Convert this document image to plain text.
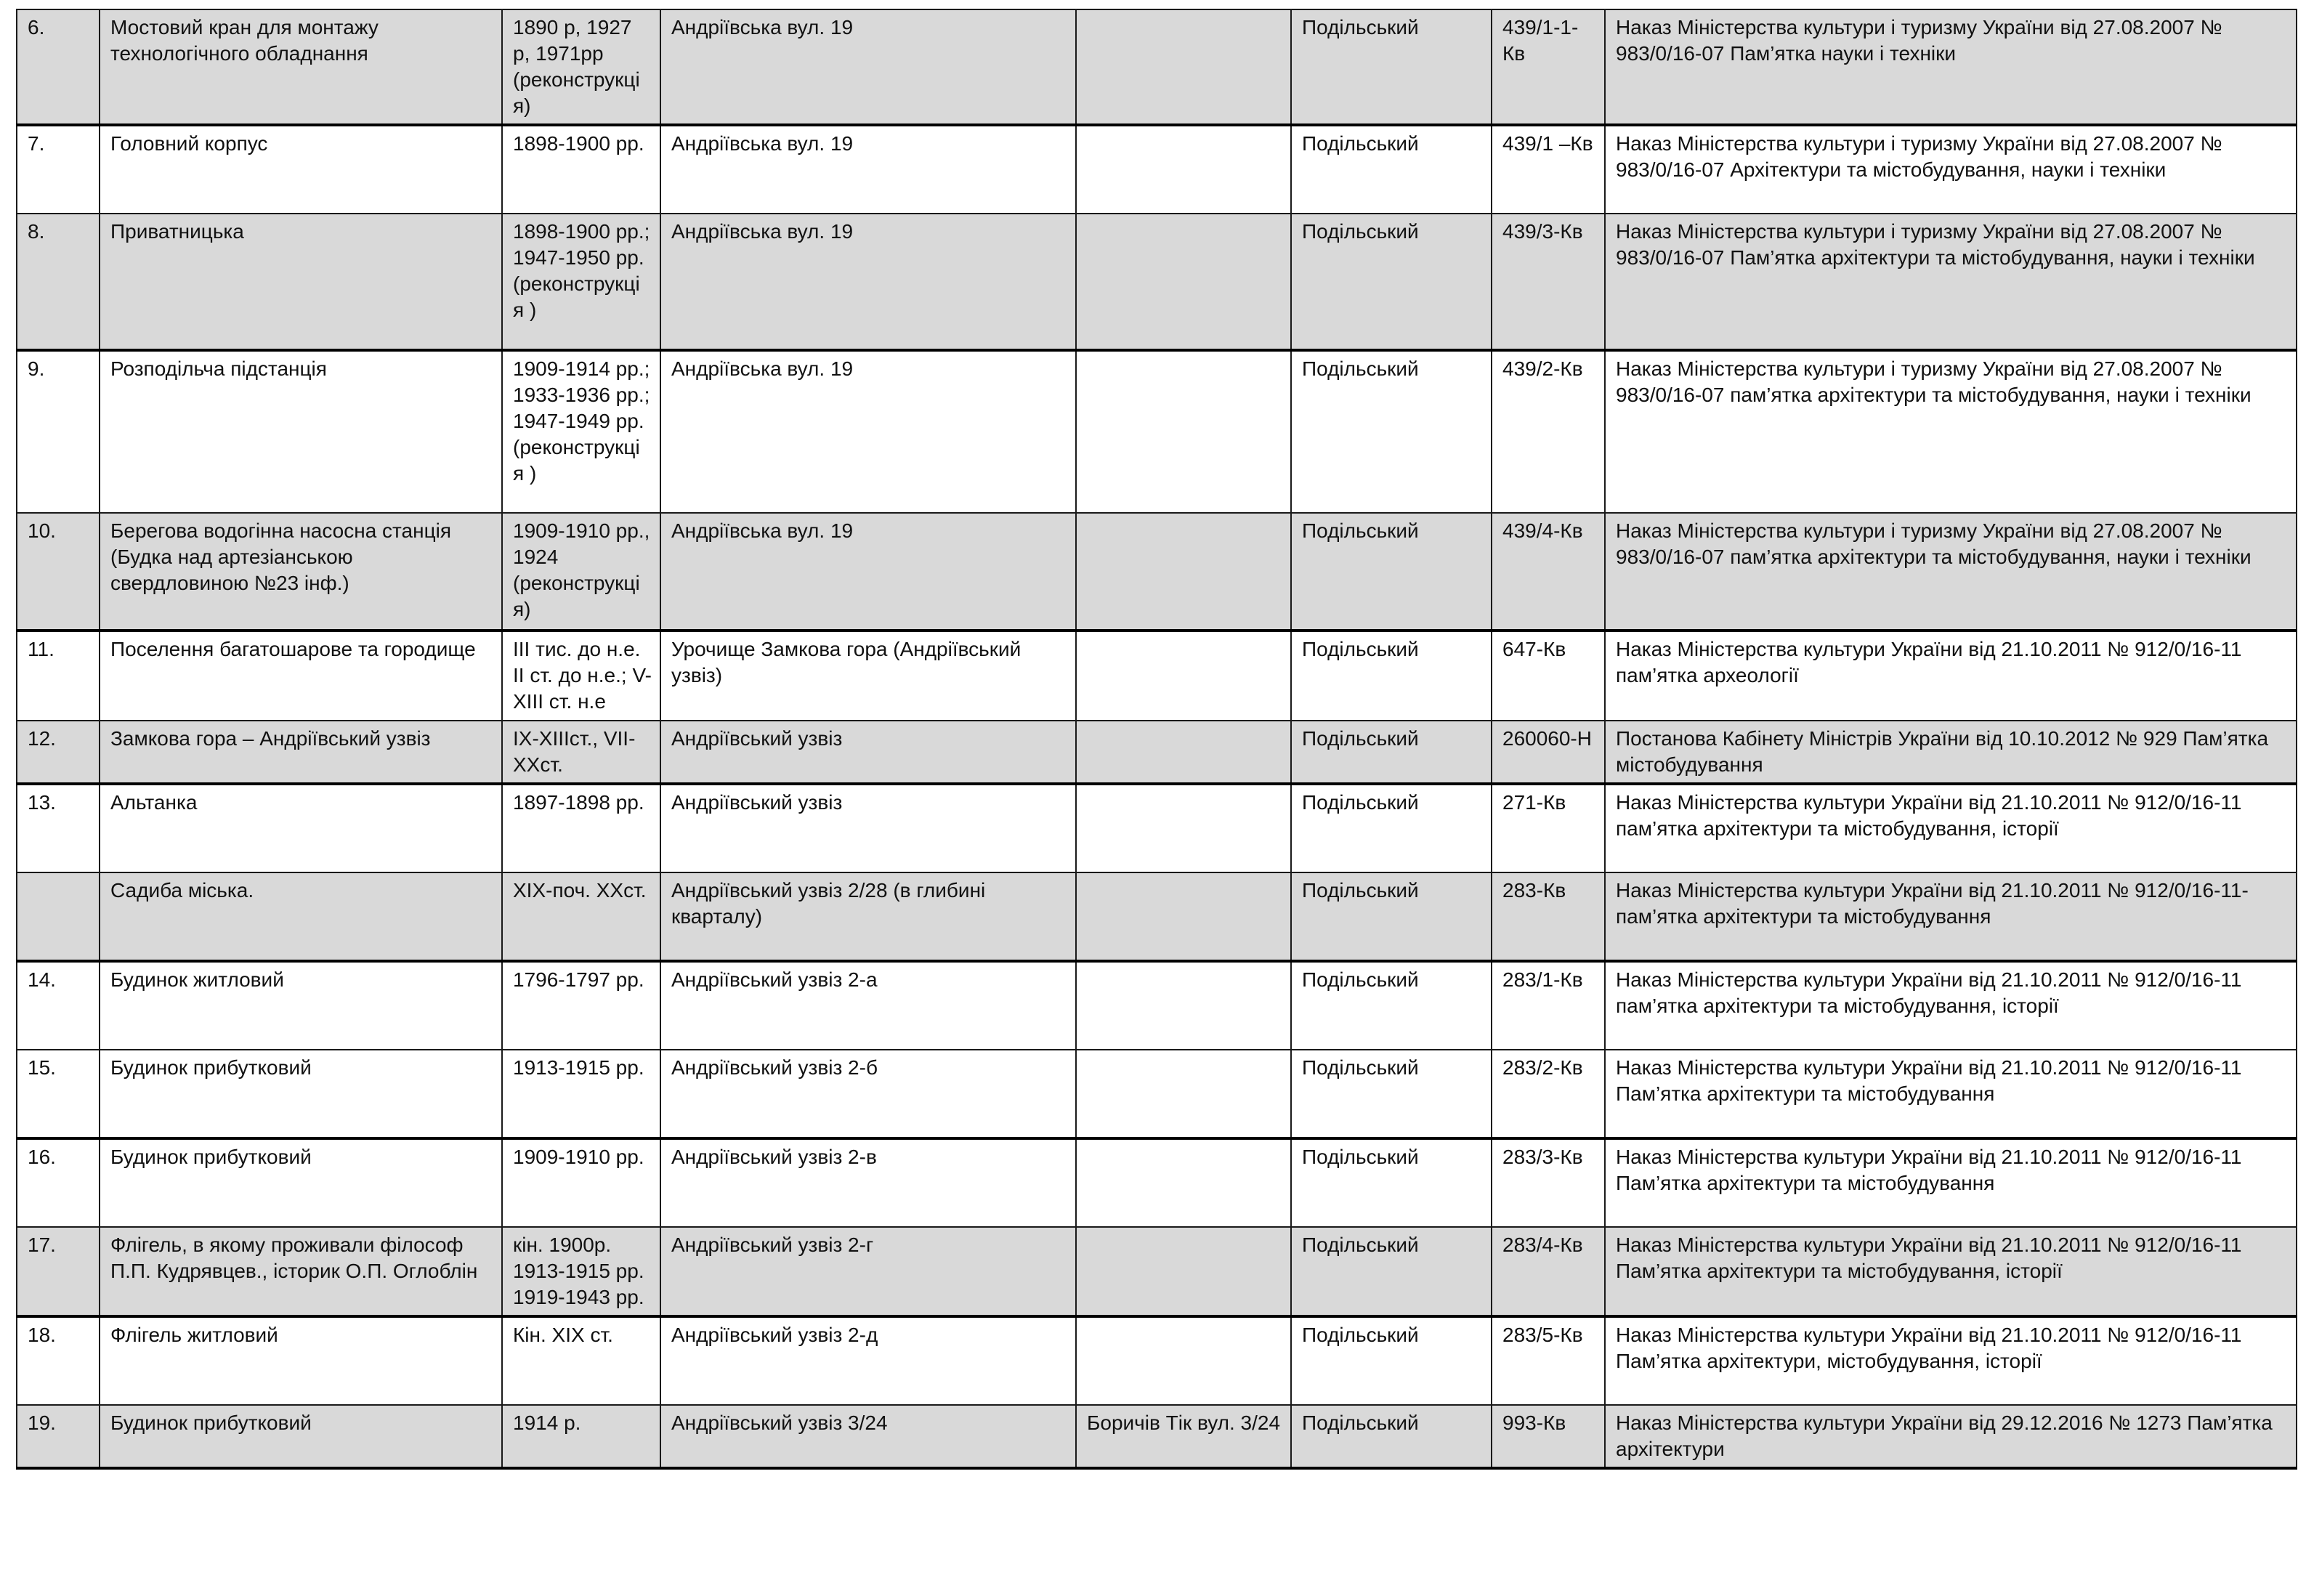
6.	Мостовий кран для монтажу технологічного обладнання	1890 р, 1927 р, 1971рр (реконструкці я)	Андріївська вул. 19		Подільський	439/1-1-Кв	Наказ Міністерства культури і туризму України від 27.08.2007 № 983/0/16-07 Пам’ятка науки і техніки
7.	Головний корпус	1898-1900 рр.	Андріївська вул. 19		Подільський	439/1 –Кв	Наказ Міністерства культури і туризму України від 27.08.2007 № 983/0/16-07 Архітектури та містобудування, науки і техніки
8.	Приватницька	1898-1900 рр.; 1947-1950 рр. (реконструкці я )	Андріївська вул. 19		Подільський	439/3-Кв	Наказ Міністерства культури і туризму України від 27.08.2007 № 983/0/16-07 Пам’ятка архітектури та містобудування, науки і техніки
9.	Розподільча підстанція	1909-1914 рр.; 1933-1936 рр.; 1947-1949 рр. (реконструкці я )	Андріївська вул. 19		Подільський	439/2-Кв	Наказ Міністерства культури і туризму України від 27.08.2007 № 983/0/16-07 пам’ятка архітектури та містобудування, науки і техніки
10.	Берегова водогінна насосна станція (Будка над артезіанською свердловиною №23 інф.)	1909-1910 рр., 1924 (реконструкці я)	Андріївська вул. 19		Подільський	439/4-Кв	Наказ Міністерства культури і туризму України від 27.08.2007 № 983/0/16-07 пам’ятка архітектури та містобудування, науки і техніки
11.	Поселення багатошарове та городище	ІІІ тис. до н.е. ІІ ст. до н.е.; V-XIII ст. н.е	Урочище Замкова гора (Андріївський узвіз)		Подільський	647-Кв	Наказ Міністерства культури України від 21.10.2011 № 912/0/16-11 пам’ятка археології
12.	Замкова гора – Андріївський узвіз	ІХ-ХІІІст., VІІ-ХХст.	Андріївський узвіз		Подільський	260060-Н	Постанова Кабінету Міністрів України від 10.10.2012 № 929 Пам’ятка містобудування
13.	Альтанка	1897-1898 рр.	Андріївський узвіз		Подільський	271-Кв	Наказ Міністерства культури України від 21.10.2011 № 912/0/16-11 пам’ятка архітектури та містобудування, історії
	Садиба міська.	ХІХ-поч. ХХст.	Андріївський узвіз 2/28 (в глибині кварталу)		Подільський	283-Кв	Наказ Міністерства культури України від 21.10.2011 № 912/0/16-11-пам’ятка архітектури та містобудування
14.	Будинок житловий	1796-1797 рр.	Андріївський узвіз 2-а		Подільський	283/1-Кв	Наказ Міністерства культури України від 21.10.2011 № 912/0/16-11 пам’ятка архітектури та містобудування, історії
15.	Будинок прибутковий	1913-1915 рр.	Андріївський узвіз 2-б		Подільський	283/2-Кв	Наказ Міністерства культури України від 21.10.2011 № 912/0/16-11 Пам’ятка архітектури та містобудування
16.	Будинок прибутковий	1909-1910 рр.	Андріївський узвіз 2-в		Подільський	283/3-Кв	Наказ Міністерства культури України від 21.10.2011 № 912/0/16-11 Пам’ятка архітектури та містобудування
17.	Флігель, в якому проживали філософ П.П. Кудрявцев., історик О.П. Оглоблін	кін. 1900р. 1913-1915 рр. 1919-1943 рр.	Андріївський узвіз 2-г		Подільський	283/4-Кв	Наказ Міністерства культури України від 21.10.2011 № 912/0/16-11 Пам’ятка архітектури та містобудування, історії
18.	Флігель житловий	Кін. ХІХ ст.	Андріївський узвіз 2-д		Подільський	283/5-Кв	Наказ Міністерства культури України від 21.10.2011 № 912/0/16-11 Пам’ятка архітектури, містобудування, історії
19.	Будинок прибутковий	1914 р.	Андріївський узвіз 3/24	Боричів Тік вул. 3/24	Подільський	993-Кв	Наказ Міністерства культури України від 29.12.2016 № 1273 Пам’ятка архітектури
